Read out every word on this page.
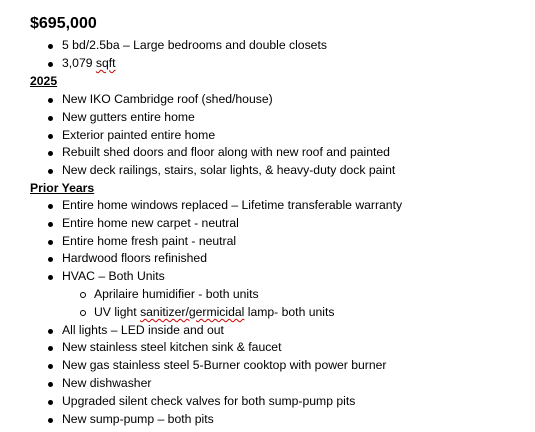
$695,000
5 bd/2.5ba – Large bedrooms and double closets
3,079 sqft
2025
New IKO Cambridge roof (shed/house)
New gutters entire home
Exterior painted entire home
Rebuilt shed doors and floor along with new roof and painted
New deck railings, stairs, solar lights, & heavy-duty dock paint
Prior Years
Entire home windows replaced – Lifetime transferable warranty
Entire home new carpet - neutral
Entire home fresh paint - neutral
Hardwood floors refinished
HVAC – Both Units
Aprilaire humidifier - both units
UV light sanitizer/germicidal lamp- both units
All lights – LED inside and out
New stainless steel kitchen sink & faucet
New gas stainless steel 5-Burner cooktop with power burner
New dishwasher
Upgraded silent check valves for both sump-pump pits
New sump-pump – both pits
